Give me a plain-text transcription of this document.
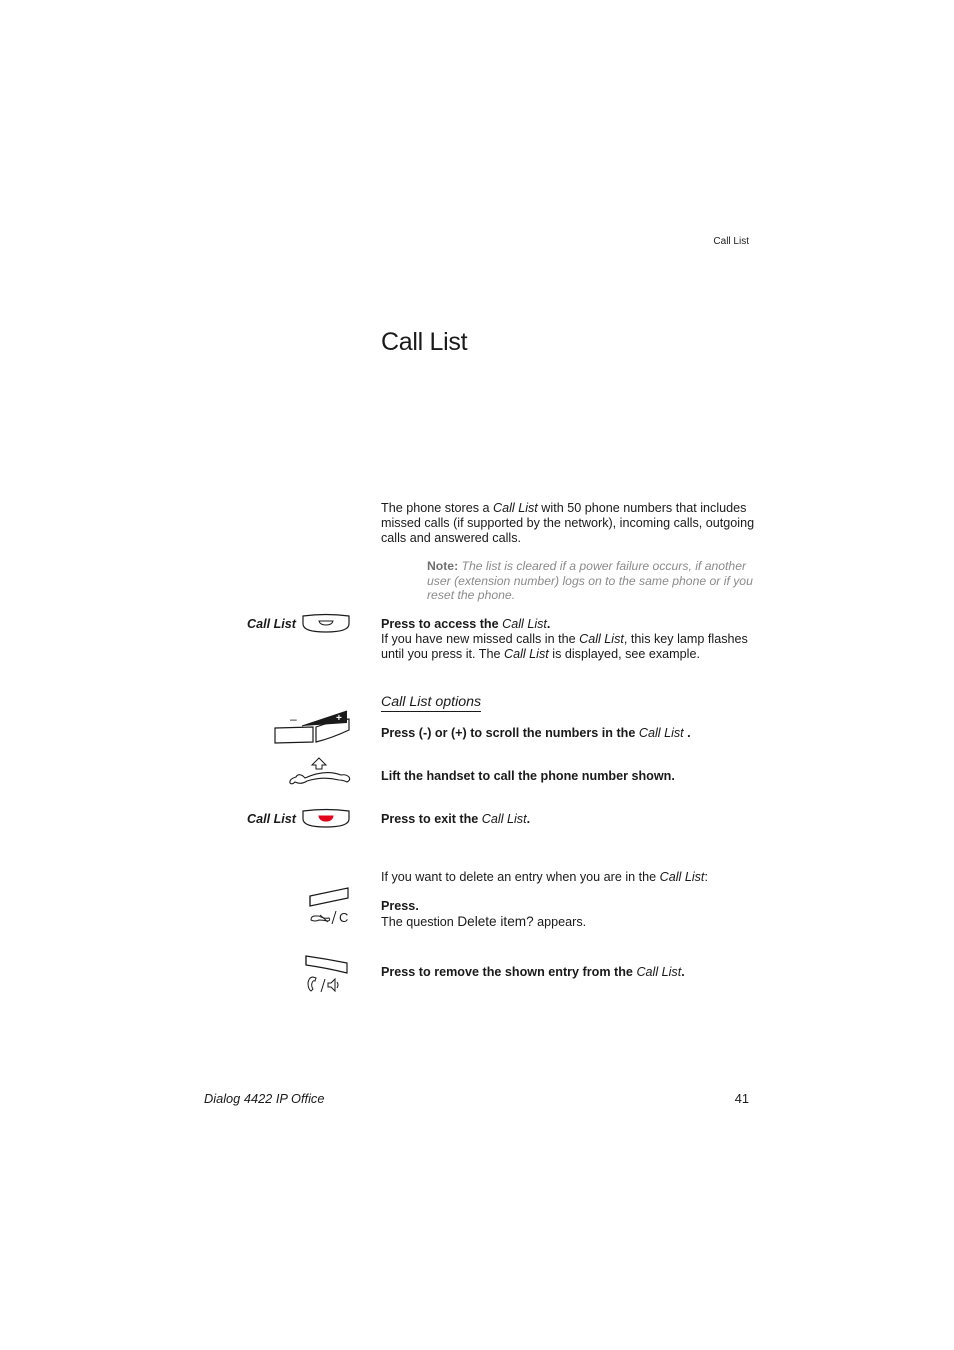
Call List
Call List
The phone stores a Call List with 50 phone numbers that includes
missed calls (if supported by the network), incoming calls, outgoing
calls and answered calls.
Note: The list is cleared if a power failure occurs, if another
user (extension number) logs on to the same phone or if you
reset the phone.
Call List	Press to access the Call List.
If you have new missed calls in the Call List, this key lamp flashes
until you press it. The Call List is displayed, see example.
Call List options
–	+
Press (-) or (+) to scroll the numbers in the Call List .
Lift the handset to call the phone number shown.
Call List	Press to exit the Call List.
If you want to delete an entry when you are in the Call List:
C
Press.
The question Delete item? appears.
Press to remove the shown entry from the Call List.
Dialog 4422 IP Office	41
